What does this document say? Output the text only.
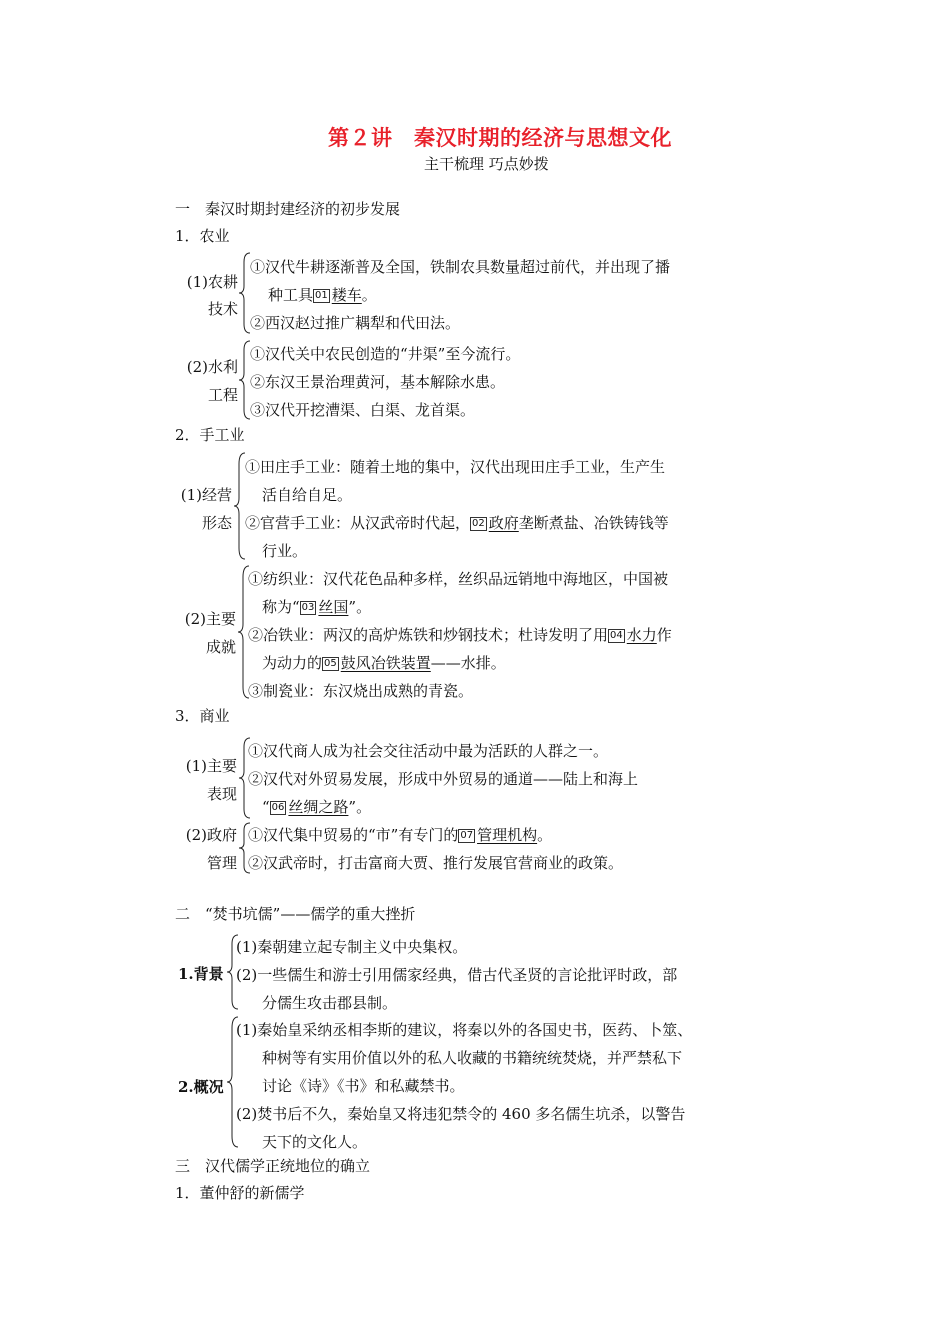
第２讲　秦汉时期的经济与思想文化
主干梳理 巧点妙拨
一　秦汉时期封建经济的初步发展
1．农业
(1)农耕
技术
①汉代牛耕逐渐普及全国，铁制农具数量超过前代，并出现了播
种工具 01 耧车。
②西汉赵过推广耦犁和代田法。
(2)水利
工程
①汉代关中农民创造的“井渠”至今流行。
②东汉王景治理黄河，基本解除水患。
③汉代开挖漕渠、白渠、龙首渠。
2．手工业
(1)经营
形态
①田庄手工业：随着土地的集中，汉代出现田庄手工业，生产生
活自给自足。
②官营手工业：从汉武帝时代起， 02 政府垄断煮盐、冶铁铸钱等
行业。
(2)主要
成就
①纺织业：汉代花色品种多样，丝织品远销地中海地区，中国被
称为“ 03 丝国”。
②冶铁业：两汉的高炉炼铁和炒钢技术；杜诗发明了用 04 水力作
为动力的 05 鼓风冶铁装置——水排。
③制瓷业：东汉烧出成熟的青瓷。
3．商业
(1)主要
表现
①汉代商人成为社会交往活动中最为活跃的人群之一。
②汉代对外贸易发展，形成中外贸易的通道——陆上和海上
“ 06 丝绸之路”。
(2)政府
管理
①汉代集中贸易的“市”有专门的 07 管理机构。
②汉武帝时，打击富商大贾、推行发展官营商业的政策。
二　“焚书坑儒”——儒学的重大挫折
1.背景
(1)秦朝建立起专制主义中央集权。
(2)一些儒生和游士引用儒家经典，借古代圣贤的言论批评时政，部
分儒生攻击郡县制。
2.概况
(1)秦始皇采纳丞相李斯的建议，将秦以外的各国史书，医药、卜筮、
种树等有实用价值以外的私人收藏的书籍统统焚烧，并严禁私下
讨论《诗》《书》和私藏禁书。
(2)焚书后不久，秦始皇又将违犯禁令的 460 多名儒生坑杀，以警告
天下的文化人。
三　汉代儒学正统地位的确立
1．董仲舒的新儒学
